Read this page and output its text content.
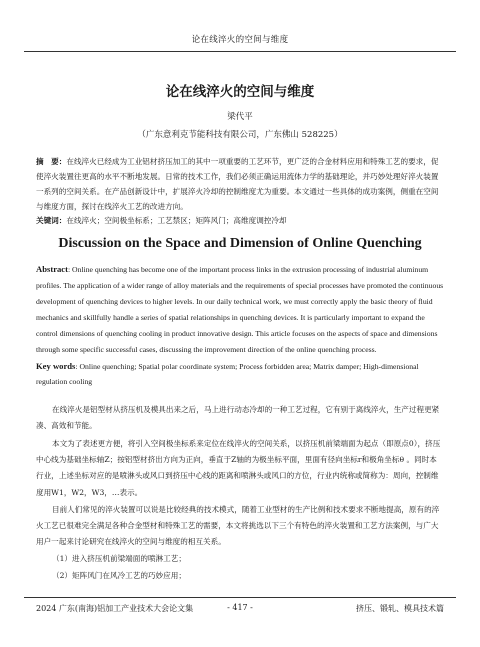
论在线淬火的空间与维度
论在线淬火的空间与维度
梁代平
（广东意利克节能科技有限公司，广东佛山 528225）
摘　要：在线淬火已经成为工业铝材挤压加工的其中一项重要的工艺环节，更广泛的合金材料应用和特殊工艺的要求，促使淬火装置往更高的水平不断地发展。日常的技术工作，我们必须正确运用流体力学的基础理论，并巧妙处理好淬火装置一系列的空间关系。在产品创新设计中，扩展淬火冷却的控制维度尤为重要。本文通过一些具体的成功案例，侧重在空间与维度方面，探讨在线淬火工艺的改进方向。
关键词：在线淬火；空间极坐标系；工艺禁区；矩阵风门；高维度调控冷却
Discussion on the Space and Dimension of Online Quenching
Abstract: Online quenching has become one of the important process links in the extrusion processing of industrial aluminum profiles. The application of a wider range of alloy materials and the requirements of special processes have promoted the continuous development of quenching devices to higher levels. In our daily technical work, we must correctly apply the basic theory of fluid mechanics and skillfully handle a series of spatial relationships in quenching devices. It is particularly important to expand the control dimensions of quenching cooling in product innovative design. This article focuses on the aspects of space and dimensions through some specific successful cases, discussing the improvement direction of the online quenching process.
Key words: Online quenching; Spatial polar coordinate system; Process forbidden area; Matrix damper; High-dimensional regulation cooling
在线淬火是铝型材从挤压机及模具出来之后，马上进行动态冷却的一种工艺过程，它有别于离线淬火，生产过程更紧凑、高效和节能。
本文为了表述更方便，将引入空间极坐标系来定位在线淬火的空间关系，以挤压机前梁端面为起点（即原点0），挤压中心线为基础坐标轴Z；按铝型材挤出方向为正向，垂直于Z轴的为极坐标平面，里面有径向坐标r和极角坐标θ 。同时本行业，上述坐标对应的是喷淋头或风口到挤压中心线的距离和喷淋头或风口的方位，行业内统称或简称为：周向，控制维度用W1，W2，W3，…表示。
目前人们常见的淬火装置可以说是比较经典的技术模式，随着工业型材的生产比例和技术要求不断地提高，原有的淬火工艺已很难完全满足各种合金型材和特殊工艺的需要，本文将挑选以下三个有特色的淬火装置和工艺方法案例，与广大用户一起来讨论研究在线淬火的空间与维度的相互关系。
（1）进入挤压机前梁端面的喷淋工艺；
（2）矩阵风门在风冷工艺的巧妙应用；
2024 广东(南海)铝加工产业技术大会论文集	- 417 -	挤压、锻轧、模具技术篇
